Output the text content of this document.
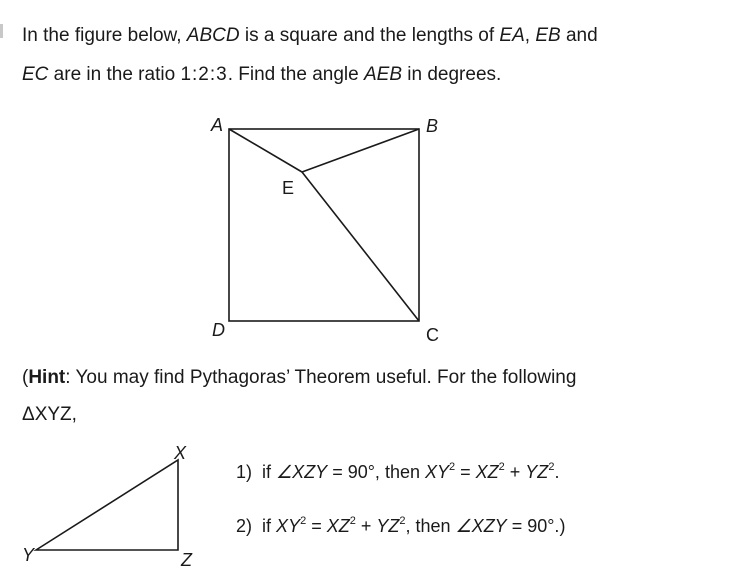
In the figure below, ABCD is a square and the lengths of EA, EB and
EC are in the ratio 1:2:3. Find the angle AEB in degrees.
A	B
C
D
E
X
Y	Z
(Hint: You may find Pythagoras’ Theorem useful. For the following
ΔXYZ,
1) if ∠XZY = 90°, then $XY^2 = XZ^2 + YZ^2$.
2) if $XY^2 = XZ^2 + YZ^2$, then ∠XZY = 90°.)
